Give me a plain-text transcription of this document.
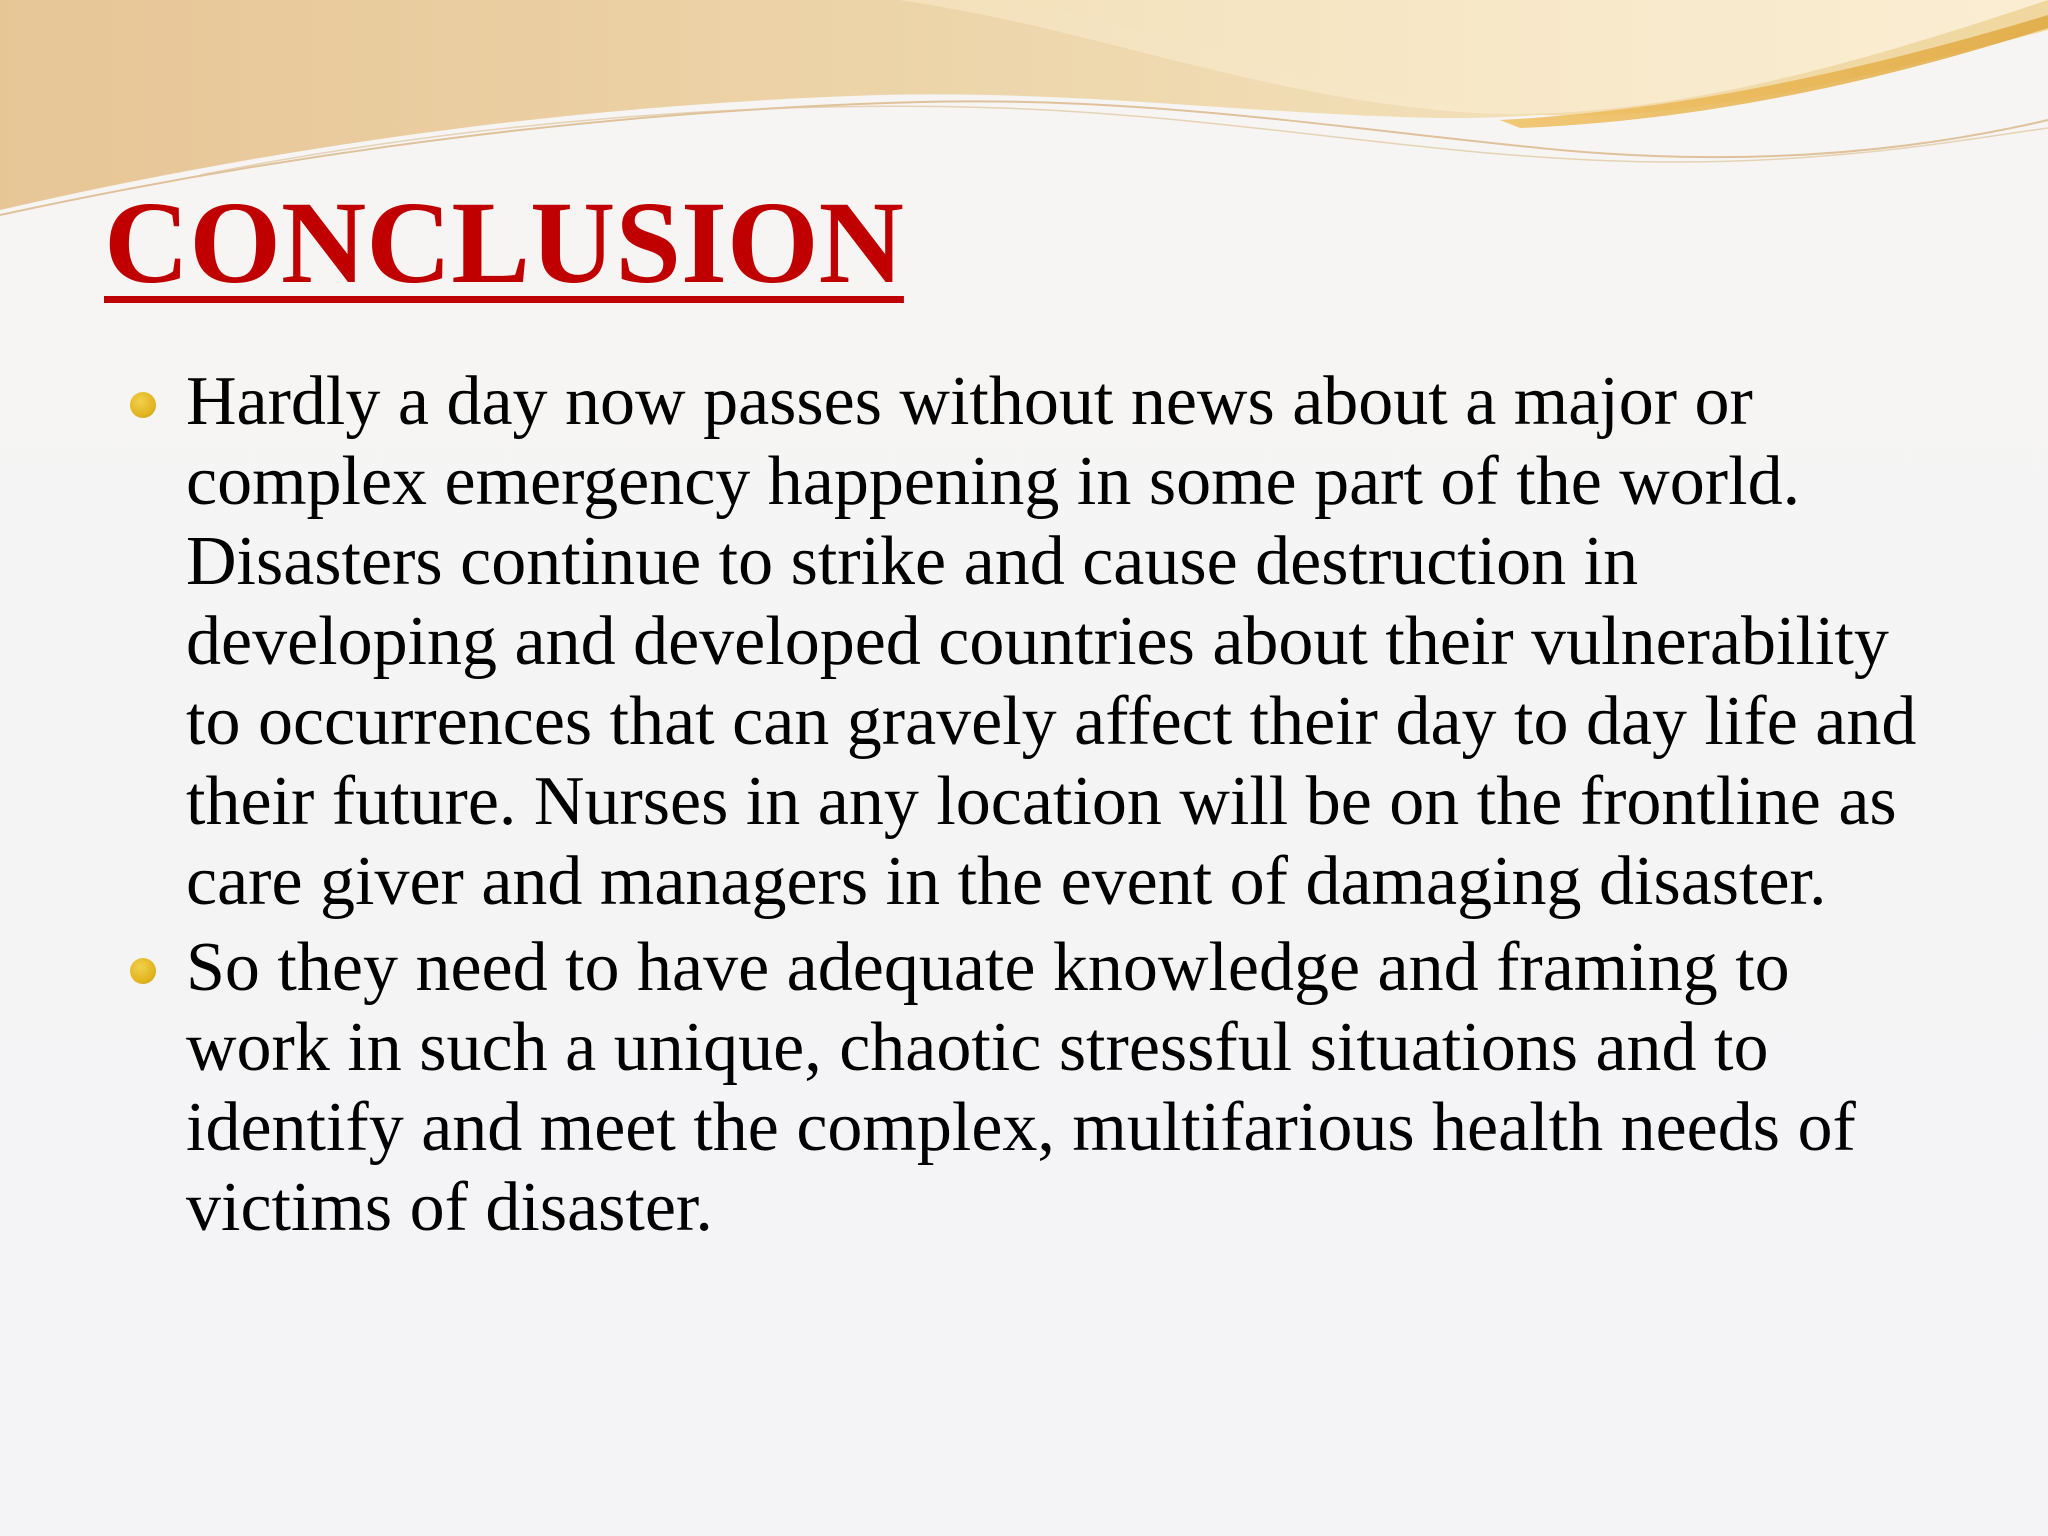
CONCLUSION

Hardly a day now passes without news about a major or complex emergency happening in some part of the world. Disasters continue to strike and cause destruction in developing and developed countries about their vulnerability to occurrences that can gravely affect their day to day life and their future. Nurses in any location will be on the frontline as care giver and managers in the event of damaging disaster.

So they need to have adequate knowledge and framing to work in such a unique, chaotic stressful situations and to identify and meet the complex, multifarious health needs of victims of disaster.
